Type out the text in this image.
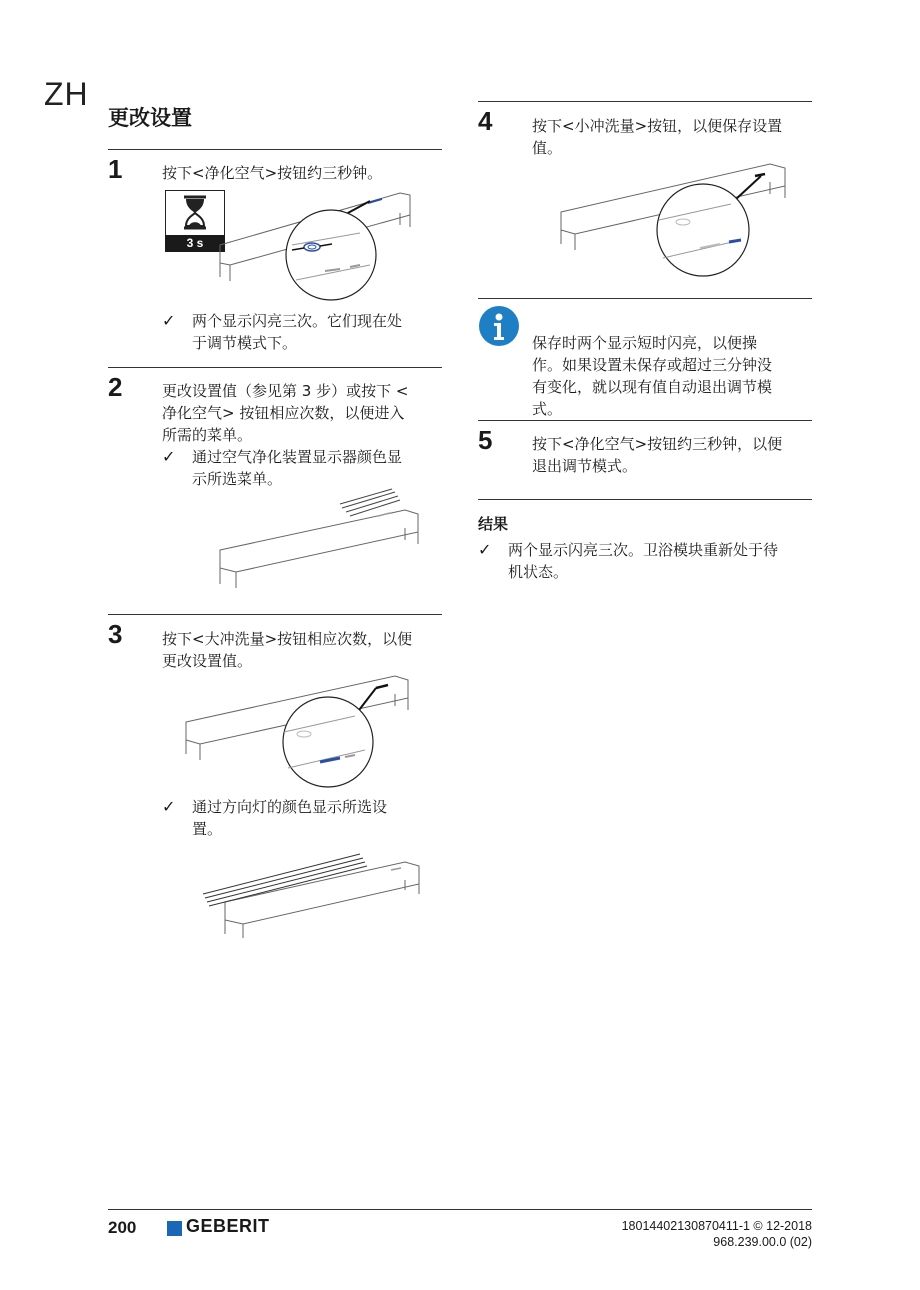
ZH
更改设置
1	按下<净化空气>按钮约三秒钟。
3 s
✓ 两个显示闪亮三次。它们现在处
于调节模式下。
2	更改设置值（参见第 3 步）或按下 <
净化空气> 按钮相应次数，以便进入
所需的菜单。
✓ 通过空气净化装置显示器颜色显
示所选菜单。
3	按下<大冲洗量>按钮相应次数，以便
更改设置值。
✓ 通过方向灯的颜色显示所选设
置。
4	按下<小冲洗量>按钮，以便保存设置
值。
保存时两个显示短时闪亮，以便操
作。如果设置未保存或超过三分钟没
有变化，就以现有值自动退出调节模
式。
5	按下<净化空气>按钮约三秒钟，以便
退出调节模式。
结果
✓ 两个显示闪亮三次。卫浴模块重新处于待
机状态。
200	GEBERIT	18014402130870411-1 © 12-2018
968.239.00.0 (02)
